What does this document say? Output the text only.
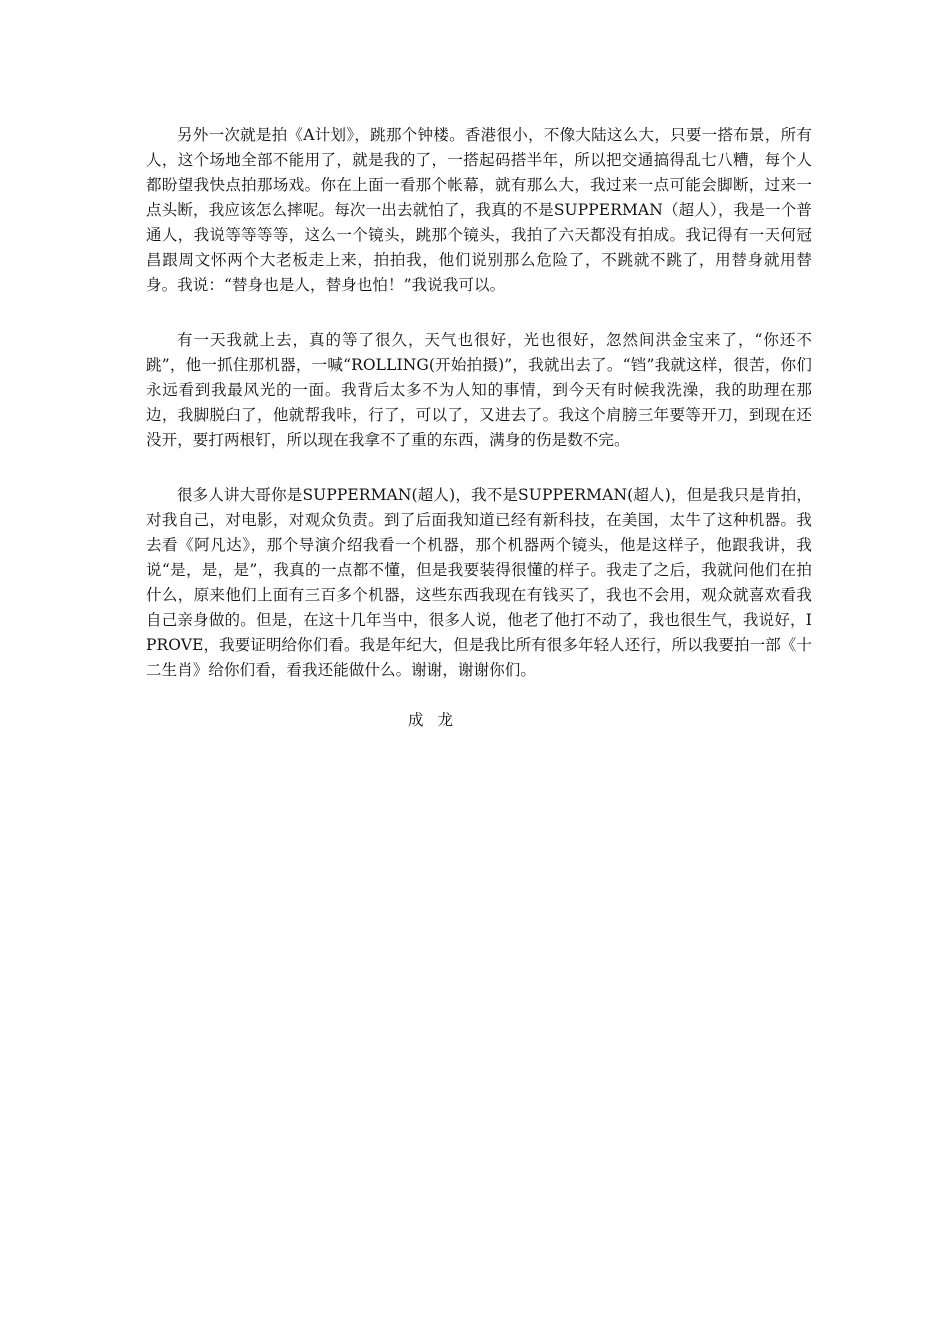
另外一次就是拍《A计划》，跳那个钟楼。香港很小，不像大陆这么大，只要一搭布景，所有人，这个场地全部不能用了，就是我的了，一搭起码搭半年，所以把交通搞得乱七八糟，每个人都盼望我快点拍那场戏。你在上面一看那个帐幕，就有那么大，我过来一点可能会脚断，过来一点头断，我应该怎么摔呢。每次一出去就怕了，我真的不是SUPPERMAN（超人），我是一个普通人，我说等等等等，这么一个镜头，跳那个镜头，我拍了六天都没有拍成。我记得有一天何冠昌跟周文怀两个大老板走上来，拍拍我，他们说别那么危险了，不跳就不跳了，用替身就用替身。我说：“替身也是人，替身也怕！”我说我可以。

有一天我就上去，真的等了很久，天气也很好，光也很好，忽然间洪金宝来了，“你还不跳”，他一抓住那机器，一喊“ROLLING(开始拍摄)”，我就出去了。“铛”我就这样，很苦，你们永远看到我最风光的一面。我背后太多不为人知的事情，到今天有时候我洗澡，我的助理在那边，我脚脱臼了，他就帮我咔，行了，可以了，又进去了。我这个肩膀三年要等开刀，到现在还没开，要打两根钉，所以现在我拿不了重的东西，满身的伤是数不完。

很多人讲大哥你是SUPPERMAN(超人)，我不是SUPPERMAN(超人)，但是我只是肯拍，对我自己，对电影，对观众负责。到了后面我知道已经有新科技，在美国，太牛了这种机器。我去看《阿凡达》，那个导演介绍我看一个机器，那个机器两个镜头，他是这样子，他跟我讲，我说“是，是，是”，我真的一点都不懂，但是我要装得很懂的样子。我走了之后，我就问他们在拍什么，原来他们上面有三百多个机器，这些东西我现在有钱买了，我也不会用，观众就喜欢看我自己亲身做的。但是，在这十几年当中，很多人说，他老了他打不动了，我也很生气，我说好，I PROVE，我要证明给你们看。我是年纪大，但是我比所有很多年轻人还行，所以我要拍一部《十二生肖》给你们看，看我还能做什么。谢谢，谢谢你们。

成龙
